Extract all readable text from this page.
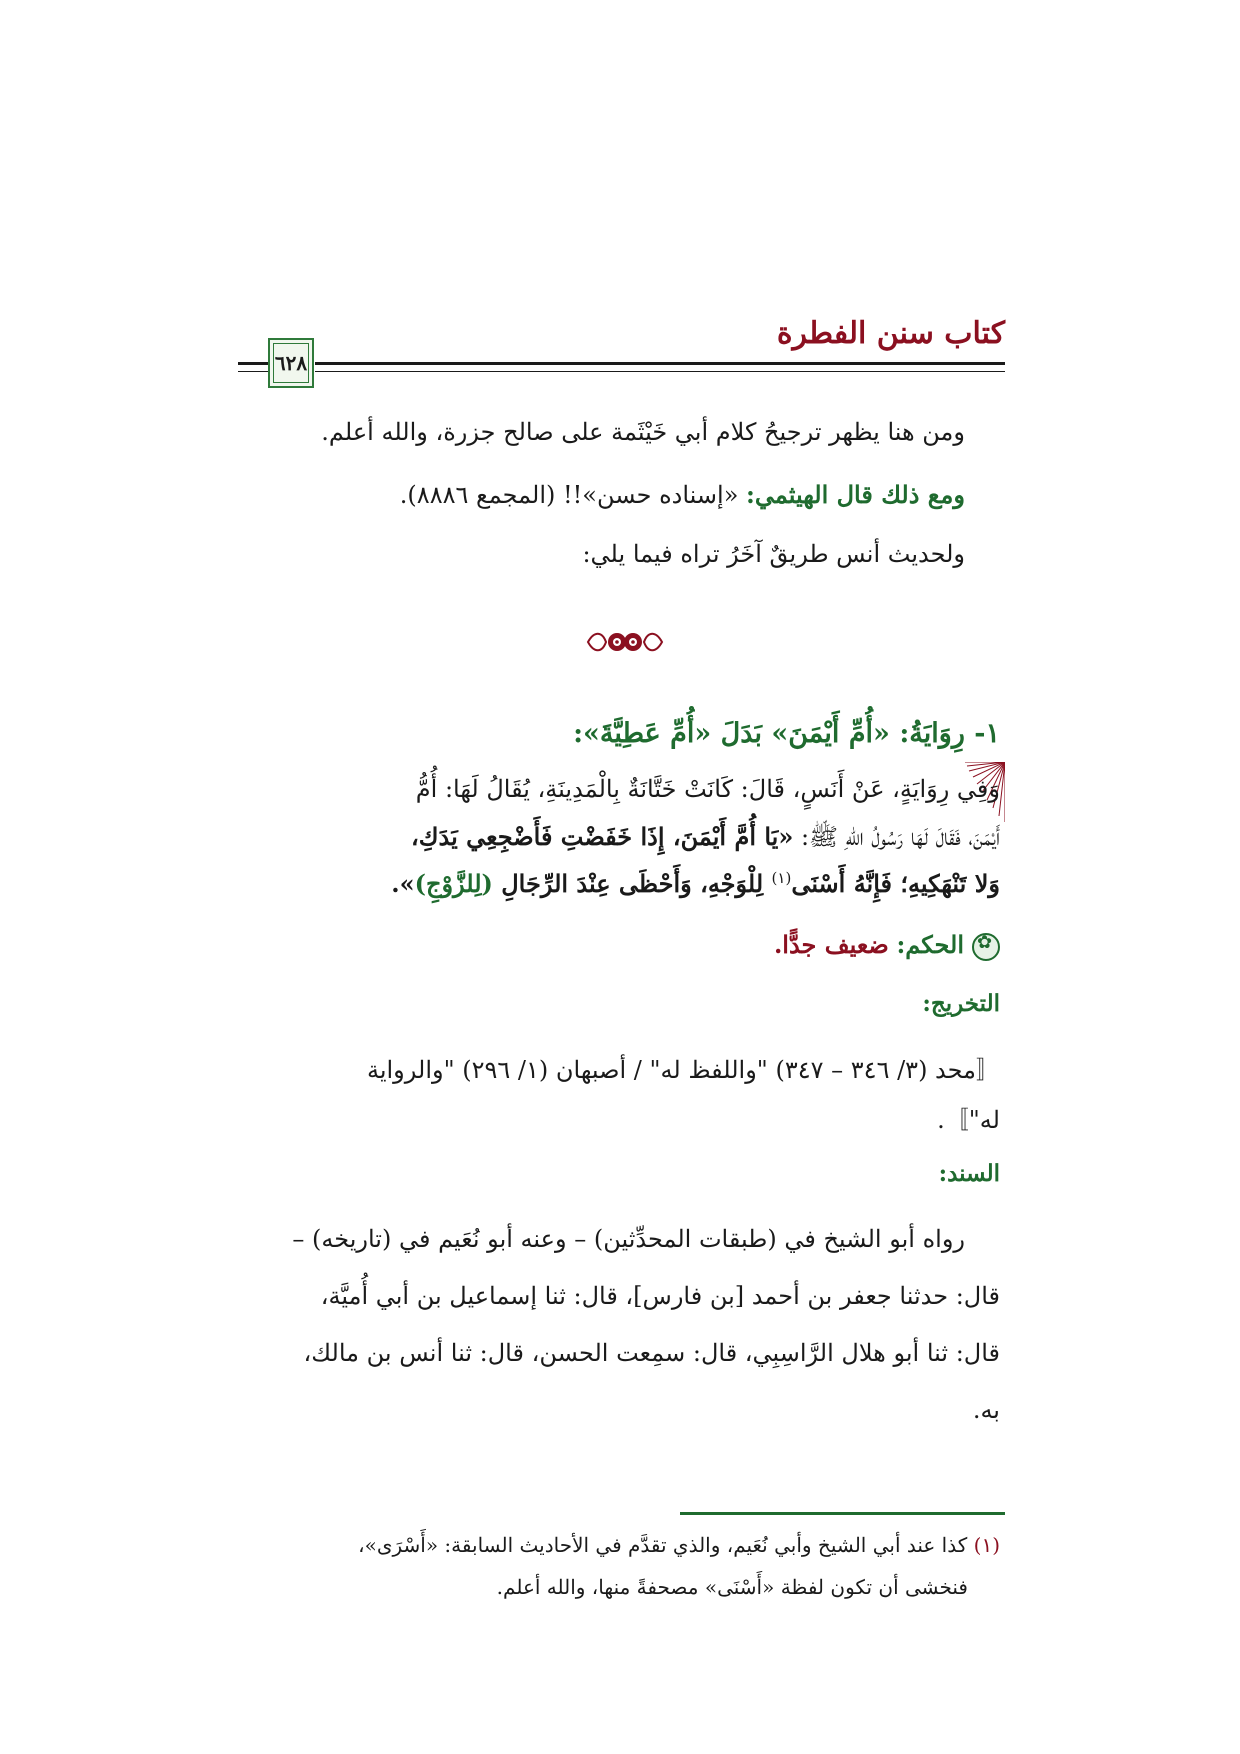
كتاب سنن الفطرة
٦٢٨
ومن هنا يظهر ترجيحُ كلام أبي خَيْثَمة على صالح جزرة، والله أعلم.
ومع ذلك قال الهيثمي: «إسناده حسن»!! (المجمع ٨٨٨٦).
ولحديث أنس طريقٌ آخَرُ تراه فيما يلي:
١- رِوَايَةُ: «أُمِّ أَيْمَنَ» بَدَلَ «أُمِّ عَطِيَّةَ»:
وَفِي رِوَايَةٍ، عَنْ أَنَسٍ، قَالَ: كَانَتْ خَتَّانَةٌ بِالْمَدِينَةِ، يُقَالُ لَهَا: أُمُّ
أَيْمَنَ، فَقَالَ لَهَا رَسُولُ اللهِ ﷺ: «يَا أُمَّ أَيْمَنَ، إِذَا خَفَضْتِ فَأَضْجِعِي يَدَكِ،
وَلا تَنْهَكِيهِ؛ فَإِنَّهُ أَسْنَى$^{(١)}$ لِلْوَجْهِ، وَأَحْظَى عِنْدَ الرِّجَالِ (لِلزَّوْجِ)».
✿الحكم: ضعيف جدًّا.
التخريج:
〚محد (٣/ ٣٤٦ – ٣٤٧) "واللفظ له" / أصبهان (١/ ٢٩٦) "والرواية
له"〛.
السند:
رواه أبو الشيخ في (طبقات المحدِّثين) – وعنه أبو نُعَيم في (تاريخه) –
قال: حدثنا جعفر بن أحمد [بن فارس]، قال: ثنا إسماعيل بن أبي أُميَّة،
قال: ثنا أبو هلال الرَّاسِبِي، قال: سمِعت الحسن، قال: ثنا أنس بن مالك،
به.
(١) كذا عند أبي الشيخ وأبي نُعَيم، والذي تقدَّم في الأحاديث السابقة: «أَسْرَى»،
فنخشى أن تكون لفظة «أَسْنَى» مصحفةً منها، والله أعلم.
